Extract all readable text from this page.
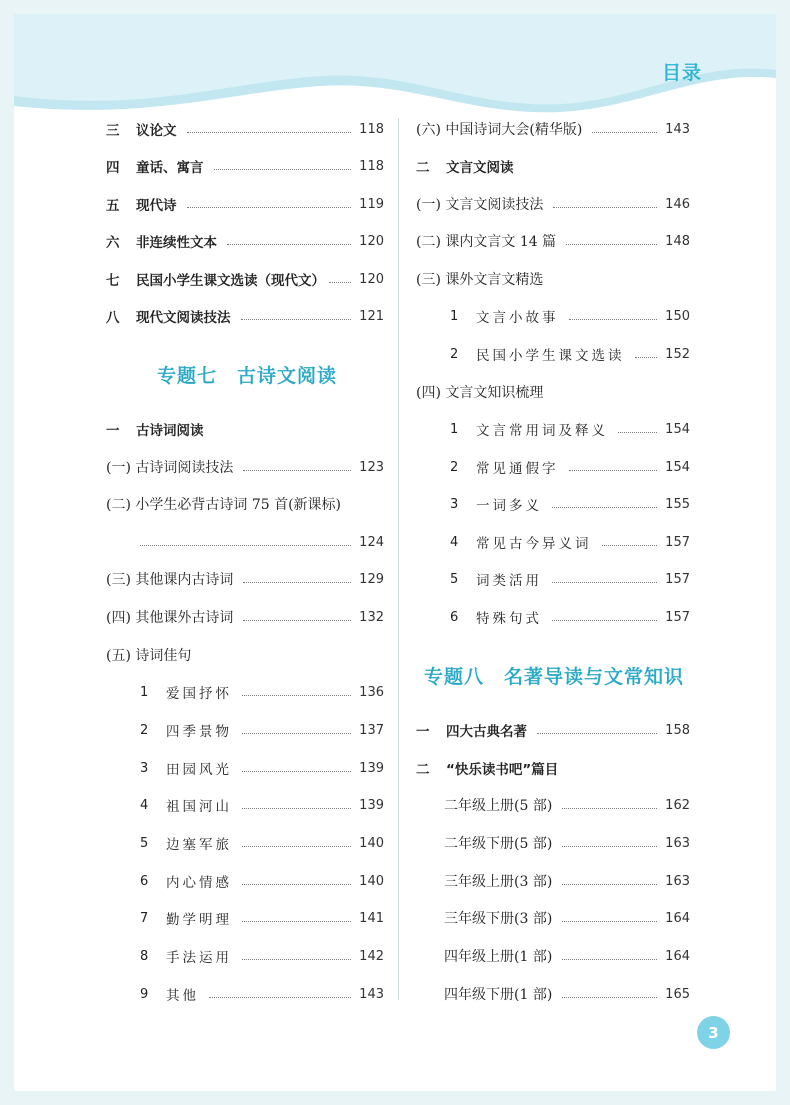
目录
三	议论文	118
四	童话、寓言	118
五	现代诗	119
六	非连续性文本	120
七	民国小学生课文选读（现代文）	120
八	现代文阅读技法	121
专题七　古诗文阅读
一	古诗词阅读
(一) 古诗词阅读技法	123
(二) 小学生必背古诗词 75 首(新课标)
124
(三) 其他课内古诗词	129
(四) 其他课外古诗词	132
(五) 诗词佳句
1	爱国抒怀	136
2	四季景物	137
3	田园风光	139
4	祖国河山	139
5	边塞军旅	140
6	内心情感	140
7	勤学明理	141
8	手法运用	142
9	其他	143
(六) 中国诗词大会(精华版)	143
二	文言文阅读
(一) 文言文阅读技法	146
(二) 课内文言文 14 篇	148
(三) 课外文言文精选
1	文言小故事	150
2	民国小学生课文选读	152
(四) 文言文知识梳理
1	文言常用词及释义	154
2	常见通假字	154
3	一词多义	155
4	常见古今异义词	157
5	词类活用	157
6	特殊句式	157
专题八　名著导读与文常知识
一	四大古典名著	158
二	“快乐读书吧”篇目
二年级上册(5 部)	162
二年级下册(5 部)	163
三年级上册(3 部)	163
三年级下册(3 部)	164
四年级上册(1 部)	164
四年级下册(1 部)	165
3
